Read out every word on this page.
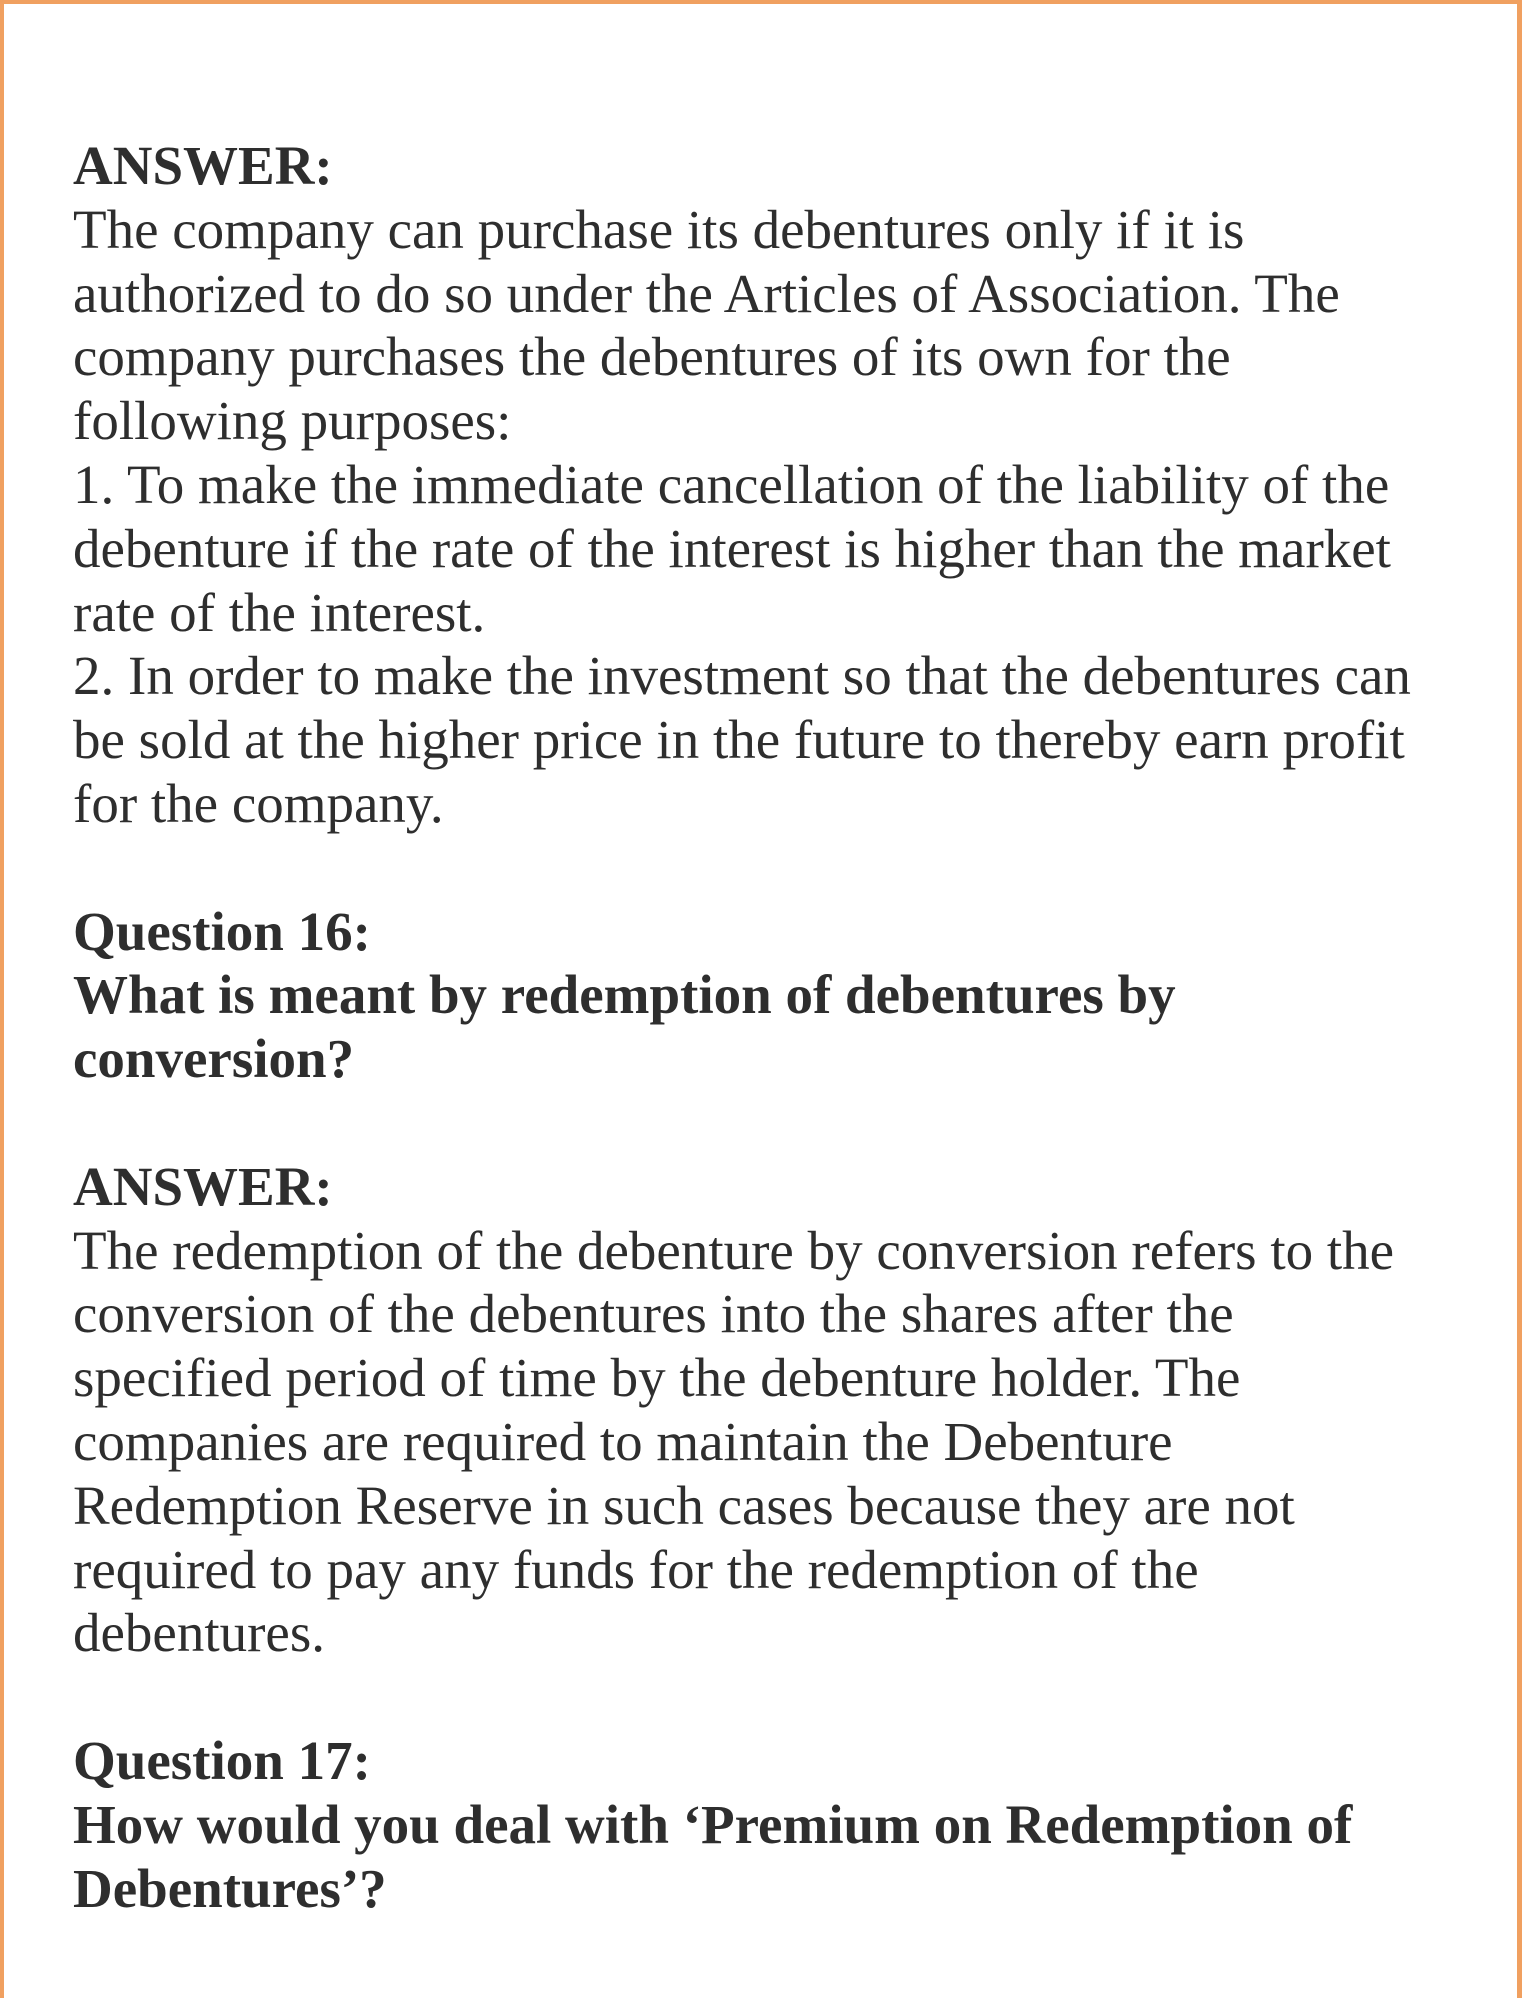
ANSWER:
The company can purchase its debentures only if it is
authorized to do so under the Articles of Association. The
company purchases the debentures of its own for the
following purposes:
1. To make the immediate cancellation of the liability of the
debenture if the rate of the interest is higher than the market
rate of the interest.
2. In order to make the investment so that the debentures can
be sold at the higher price in the future to thereby earn profit
for the company.
Question 16:
What is meant by redemption of debentures by
conversion?
ANSWER:
The redemption of the debenture by conversion refers to the
conversion of the debentures into the shares after the
specified period of time by the debenture holder. The
companies are required to maintain the Debenture
Redemption Reserve in such cases because they are not
required to pay any funds for the redemption of the
debentures.
Question 17:
How would you deal with ‘Premium on Redemption of
Debentures’?
